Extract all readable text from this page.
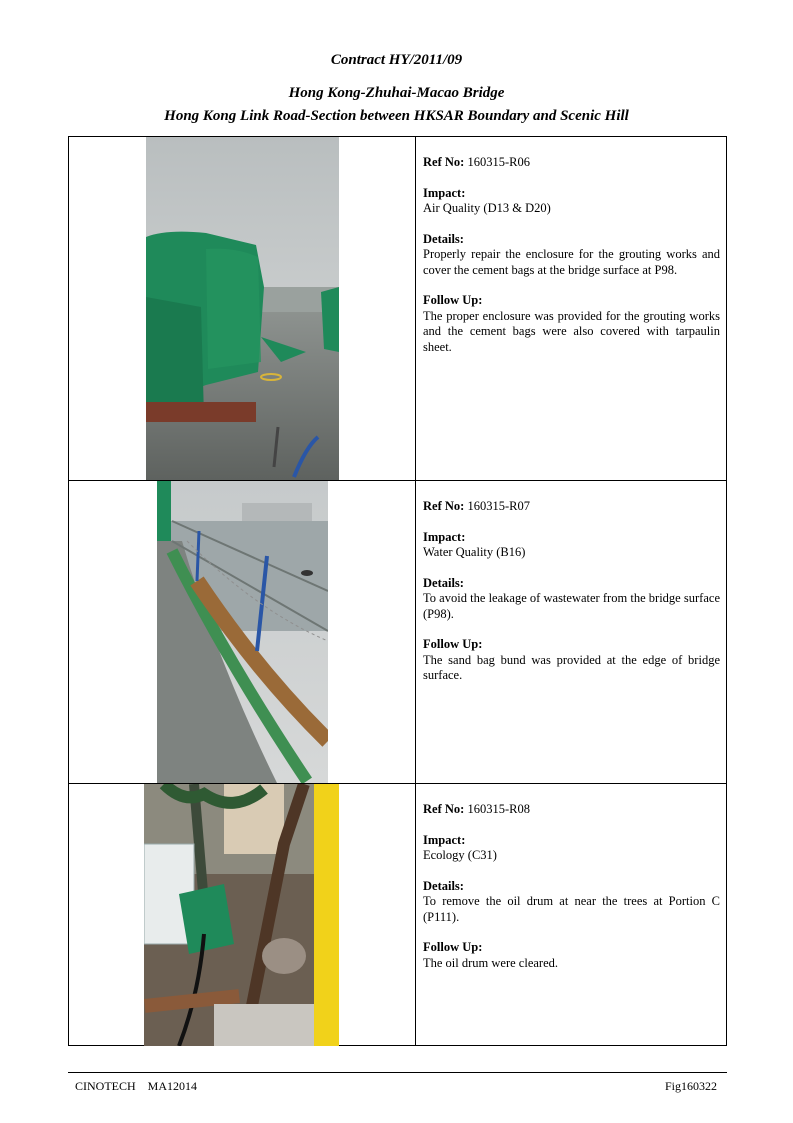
Contract HY/2011/09
Hong Kong-Zhuhai-Macao Bridge
Hong Kong Link Road-Section between HKSAR Boundary and Scenic Hill
Ref No: 160315-R06
Impact:
Air Quality (D13 & D20)
Details:
Properly repair the enclosure for the grouting works and cover the cement bags at the bridge surface at P98.
Follow Up:
The proper enclosure was provided for the grouting works and the cement bags were also covered with tarpaulin sheet.
Ref No: 160315-R07
Impact:
Water Quality (B16)
Details:
To avoid the leakage of wastewater from the bridge surface (P98).
Follow Up:
The sand bag bund was provided at the edge of bridge surface.
Ref No: 160315-R08
Impact:
Ecology (C31)
Details:
To remove the oil drum at near the trees at Portion C (P111).
Follow Up:
The oil drum were cleared.
CINOTECH MA12014	Fig160322
